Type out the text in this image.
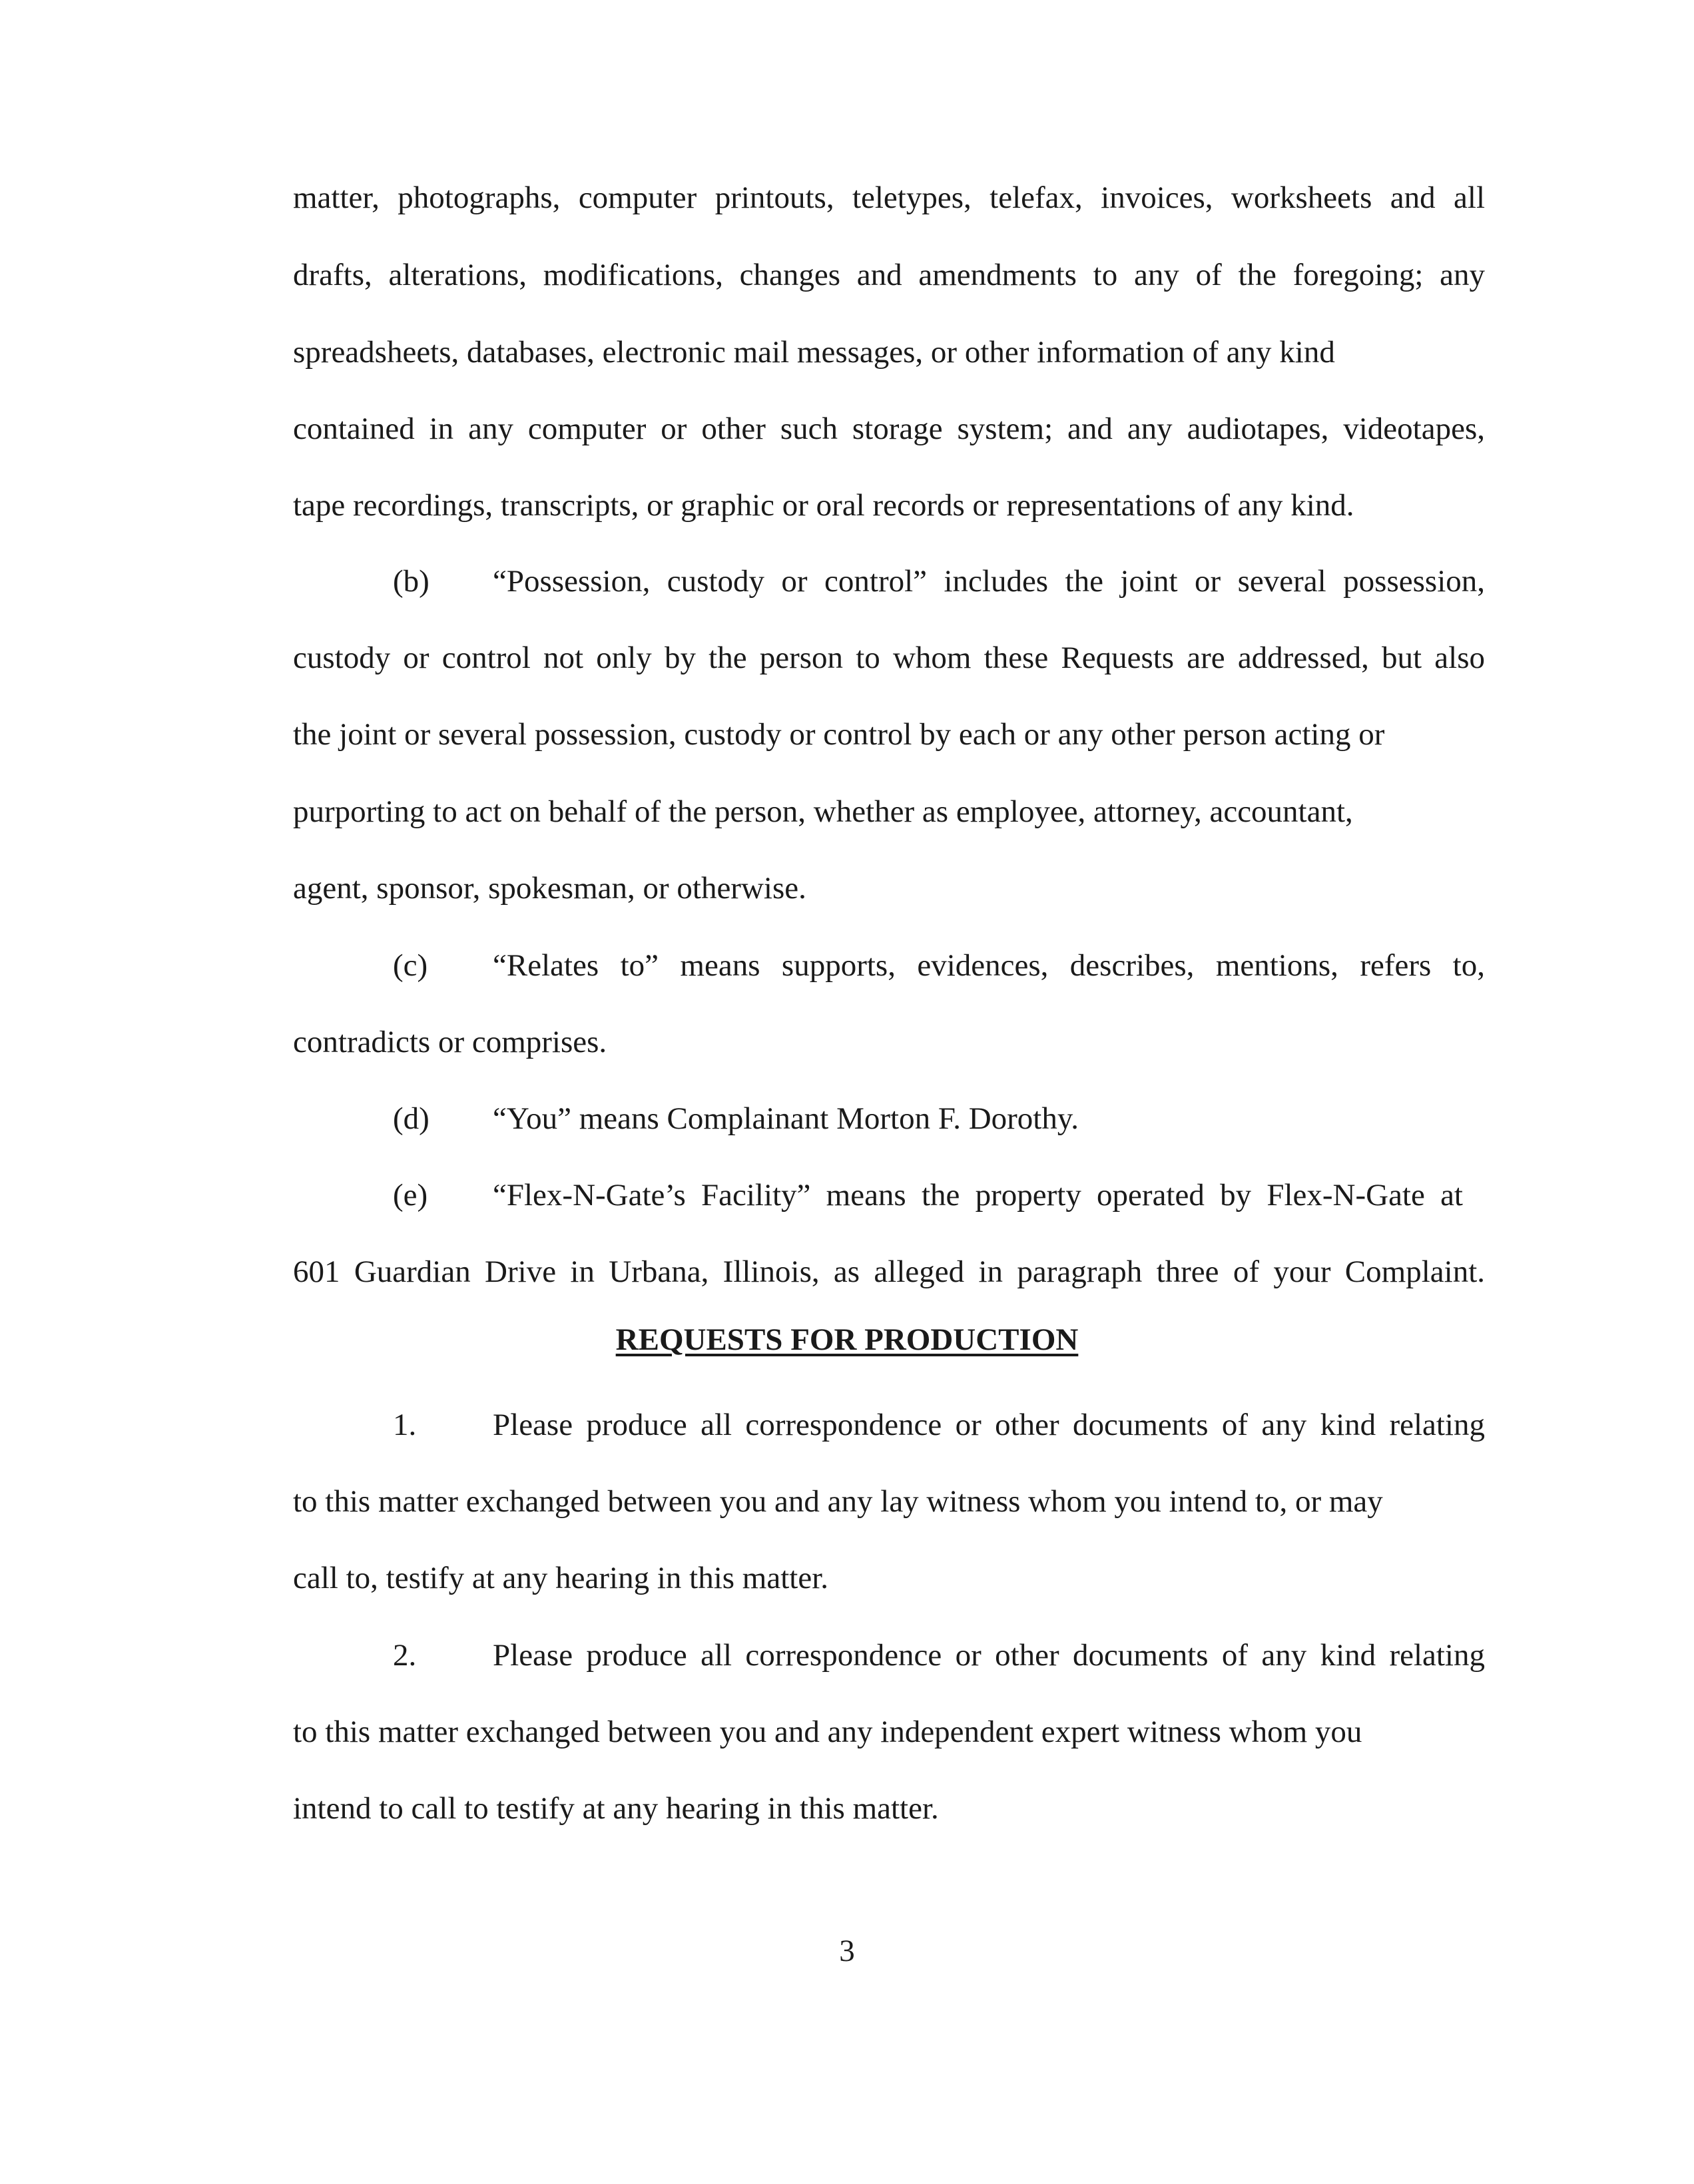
matter, photographs, computer printouts, teletypes, telefax, invoices, worksheets and all
drafts, alterations, modifications, changes and amendments to any of the foregoing; any
spreadsheets, databases, electronic mail messages, or other information of any kind
contained in any computer or other such storage system; and any audiotapes, videotapes,
tape recordings, transcripts, or graphic or oral records or representations of any kind.
(b) “Possession, custody or control” includes the joint or several possession,
custody or control not only by the person to whom these Requests are addressed, but also
the joint or several possession, custody or control by each or any other person acting or
purporting to act on behalf of the person, whether as employee, attorney, accountant,
agent, sponsor, spokesman, or otherwise.
(c) “Relates to” means supports, evidences, describes, mentions, refers to,
contradicts or comprises.
(d) “You” means Complainant Morton F. Dorothy.
(e) “Flex-N-Gate’s Facility” means the property operated by Flex-N-Gate at
601 Guardian Drive in Urbana, Illinois, as alleged in paragraph three of your Complaint.
REQUESTS FOR PRODUCTION
1. Please produce all correspondence or other documents of any kind relating
to this matter exchanged between you and any lay witness whom you intend to, or may
call to, testify at any hearing in this matter.
2. Please produce all correspondence or other documents of any kind relating
to this matter exchanged between you and any independent expert witness whom you
intend to call to testify at any hearing in this matter.
3
